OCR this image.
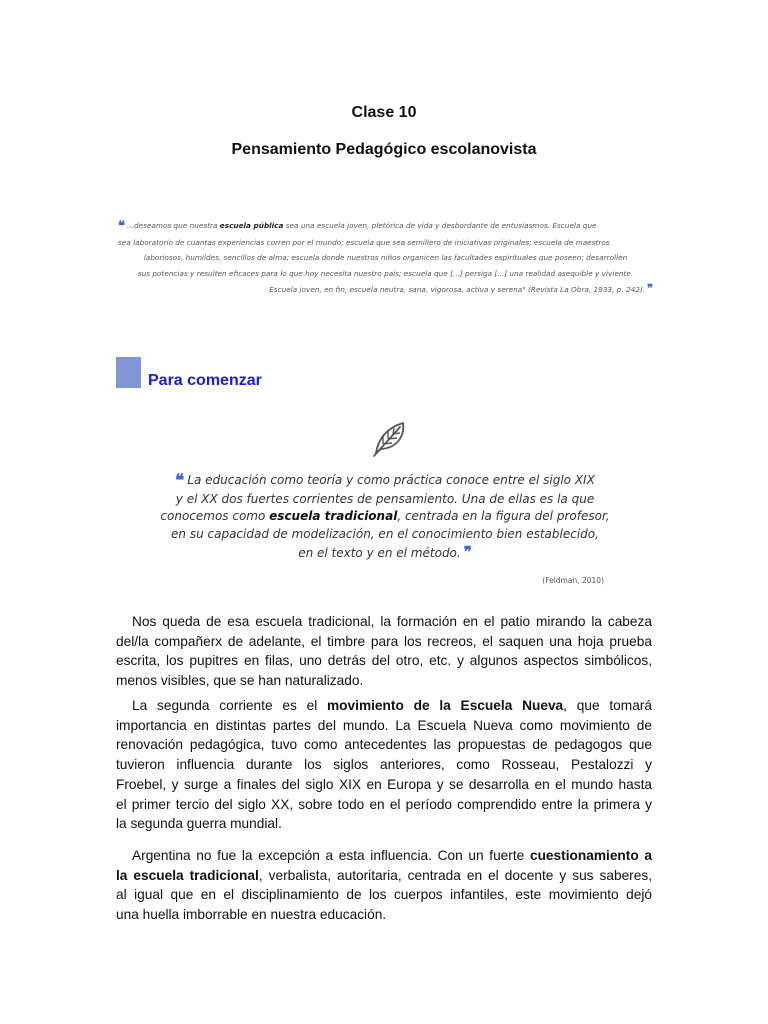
Clase 10
Pensamiento Pedagógico escolanovista
❝ ...deseamos que nuestra escuela pública sea una escuela joven, pletórica de vida y desbordante de entusiasmos. Escuela que
sea laboratorio de cuantas experiencias corren por el mundo; escuela que sea semillero de iniciativas originales; escuela de maestros
laboriosos, humildes, sencillos de alma; escuela donde nuestros niños organicen las facultades espirituales que poseen; desarrollen
sus potencias y resulten eficaces para lo que hoy necesita nuestro país; escuela que [...] persiga [...] una realidad asequible y viviente.
Escuela joven, en fin, escuela neutra, sana, vigorosa, activa y serena" (Revista La Obra, 1933, p. 242). ❞
Para comenzar
❝ La educación como teoría y como práctica conoce entre el siglo XIX
y el XX dos fuertes corrientes de pensamiento. Una de ellas es la que
conocemos como escuela tradicional, centrada en la figura del profesor,
en su capacidad de modelización, en el conocimiento bien establecido,
en el texto y en el método. ❞
(Feldman, 2010)
Nos queda de esa escuela tradicional, la formación en el patio mirando la cabeza
del/la compañerx de adelante, el timbre para los recreos, el saquen una hoja prueba
escrita, los pupitres en filas, uno detrás del otro, etc. y algunos aspectos simbólicos,
menos visibles, que se han naturalizado.
La segunda corriente es el movimiento de la Escuela Nueva, que tomará
importancia en distintas partes del mundo. La Escuela Nueva como movimiento de
renovación pedagógica, tuvo como antecedentes las propuestas de pedagogos que
tuvieron influencia durante los siglos anteriores, como Rosseau, Pestalozzi y
Froebel, y surge a finales del siglo XIX en Europa y se desarrolla en el mundo hasta
el primer tercio del siglo XX, sobre todo en el período comprendido entre la primera y
la segunda guerra mundial.
Argentina no fue la excepción a esta influencia. Con un fuerte cuestionamiento a
la escuela tradicional, verbalista, autoritaria, centrada en el docente y sus saberes,
al igual que en el disciplinamiento de los cuerpos infantiles, este movimiento dejó
una huella imborrable en nuestra educación.
